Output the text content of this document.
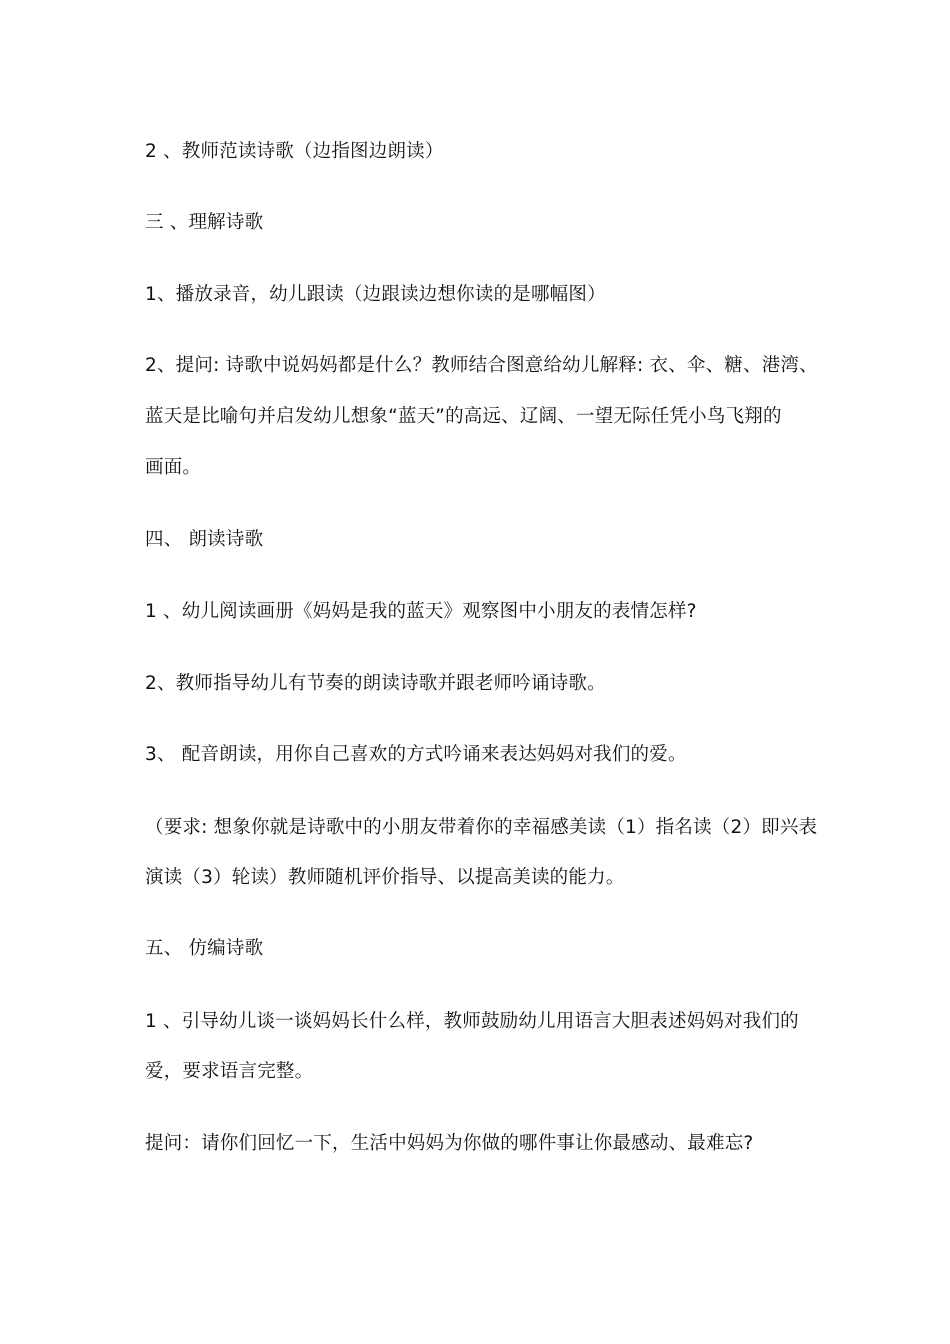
2 、教师范读诗歌（边指图边朗读）
三 、理解诗歌
1、播放录音，幼儿跟读（边跟读边想你读的是哪幅图）
2、提问: 诗歌中说妈妈都是什么？教师结合图意给幼儿解释: 衣、伞、糖、港湾、
蓝天是比喻句并启发幼儿想象“蓝天”的高远、辽阔、一望无际任凭小鸟飞翔的
画面。
四、 朗读诗歌
1 、幼儿阅读画册《妈妈是我的蓝天》观察图中小朋友的表情怎样?
2、教师指导幼儿有节奏的朗读诗歌并跟老师吟诵诗歌。
3、 配音朗读，用你自己喜欢的方式吟诵来表达妈妈对我们的爱。
（要求: 想象你就是诗歌中的小朋友带着你的幸福感美读（1）指名读（2）即兴表
演读（3）轮读）教师随机评价指导、以提高美读的能力。
五、 仿编诗歌
1 、引导幼儿谈一谈妈妈长什么样，教师鼓励幼儿用语言大胆表述妈妈对我们的
爱，要求语言完整。
提问：请你们回忆一下，生活中妈妈为你做的哪件事让你最感动、最难忘?
